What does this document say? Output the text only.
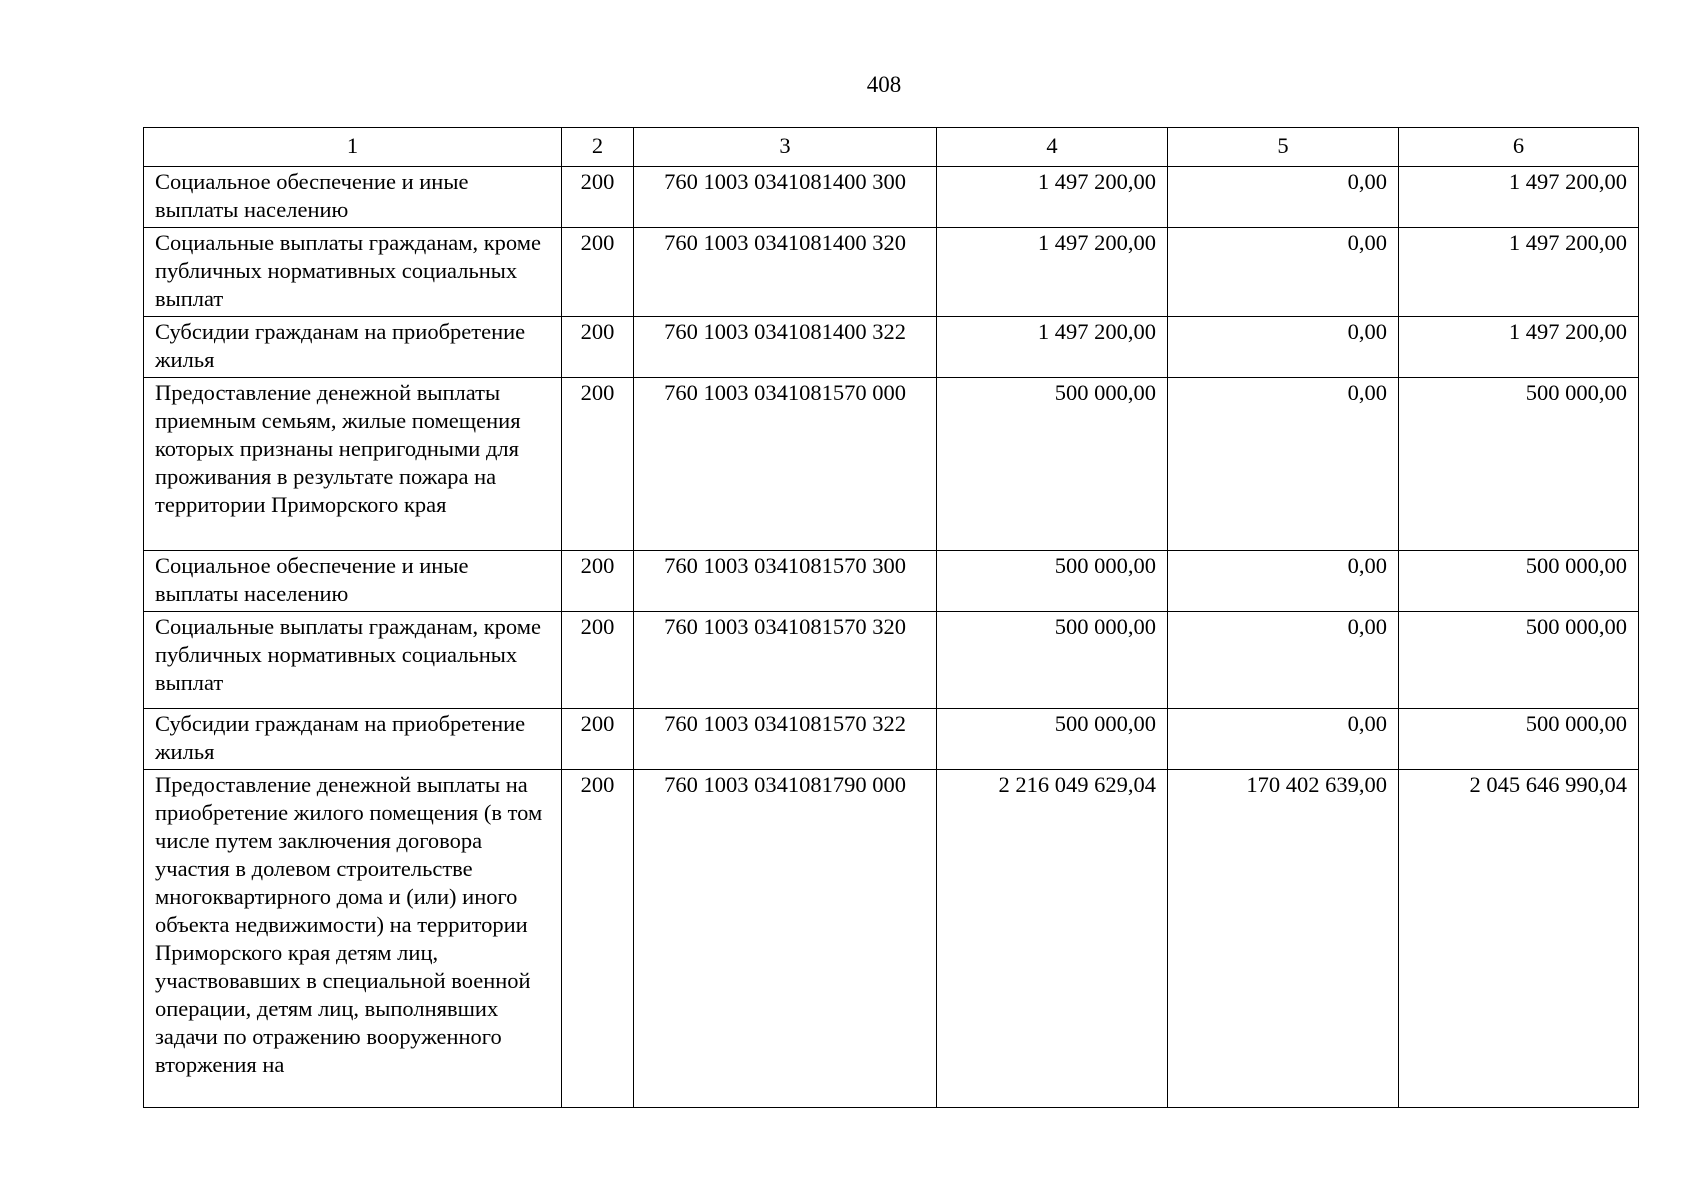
408
1	2	3	4	5	6
Социальное обеспечение и иные выплаты населению	200	760 1003 0341081400 300	1 497 200,00	0,00	1 497 200,00
Социальные выплаты гражданам, кроме публичных нормативных социальных выплат	200	760 1003 0341081400 320	1 497 200,00	0,00	1 497 200,00
Субсидии гражданам на приобретение жилья	200	760 1003 0341081400 322	1 497 200,00	0,00	1 497 200,00
Предоставление денежной выплаты приемным семьям, жилые помещения которых признаны непригодными для проживания в результате пожара на территории Приморского края	200	760 1003 0341081570 000	500 000,00	0,00	500 000,00
Социальное обеспечение и иные выплаты населению	200	760 1003 0341081570 300	500 000,00	0,00	500 000,00
Социальные выплаты гражданам, кроме публичных нормативных социальных выплат	200	760 1003 0341081570 320	500 000,00	0,00	500 000,00
Субсидии гражданам на приобретение жилья	200	760 1003 0341081570 322	500 000,00	0,00	500 000,00
Предоставление денежной выплаты на приобретение жилого помещения (в том числе путем заключения договора участия в долевом строительстве многоквартирного дома и (или) иного объекта недвижимости) на территории Приморского края детям лиц, участвовавших в специальной военной операции, детям лиц, выполнявших задачи по отражению вооруженного вторжения на	200	760 1003 0341081790 000	2 216 049 629,04	170 402 639,00	2 045 646 990,04
